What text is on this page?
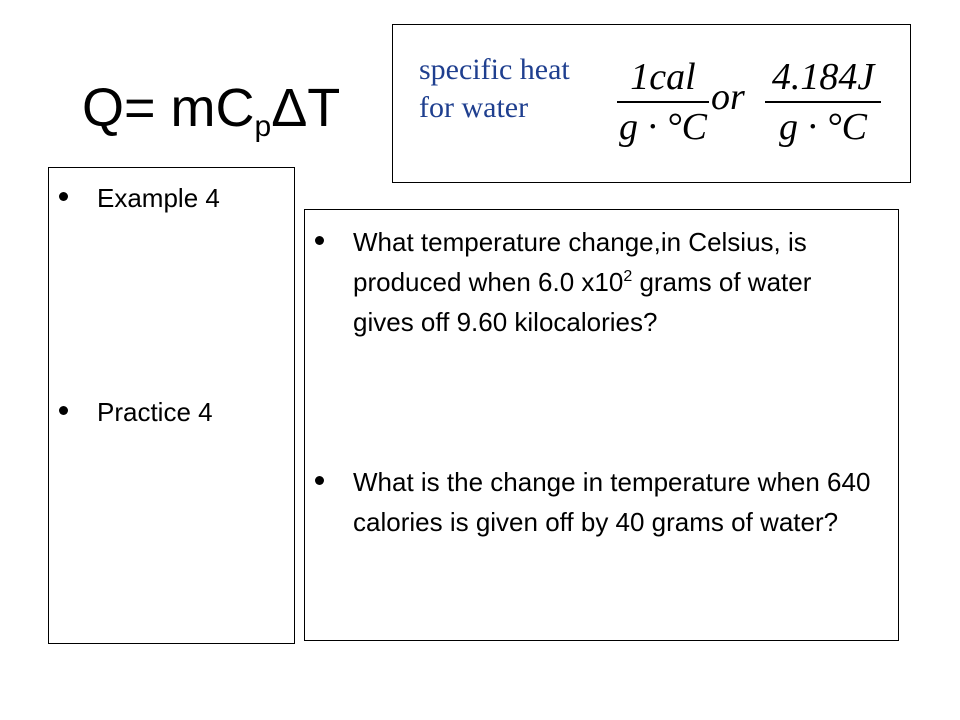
$Q= mC_p\Delta T$
specific heat
for water
1cal
g · °C
or 4.184J
g · °C
Example 4
Practice 4
What temperature change,in Celsius, is produced when 6.0 $x10^2$ grams of water gives off 9.60 kilocalories?
What is the change in temperature when 640 calories is given off by 40 grams of water?
